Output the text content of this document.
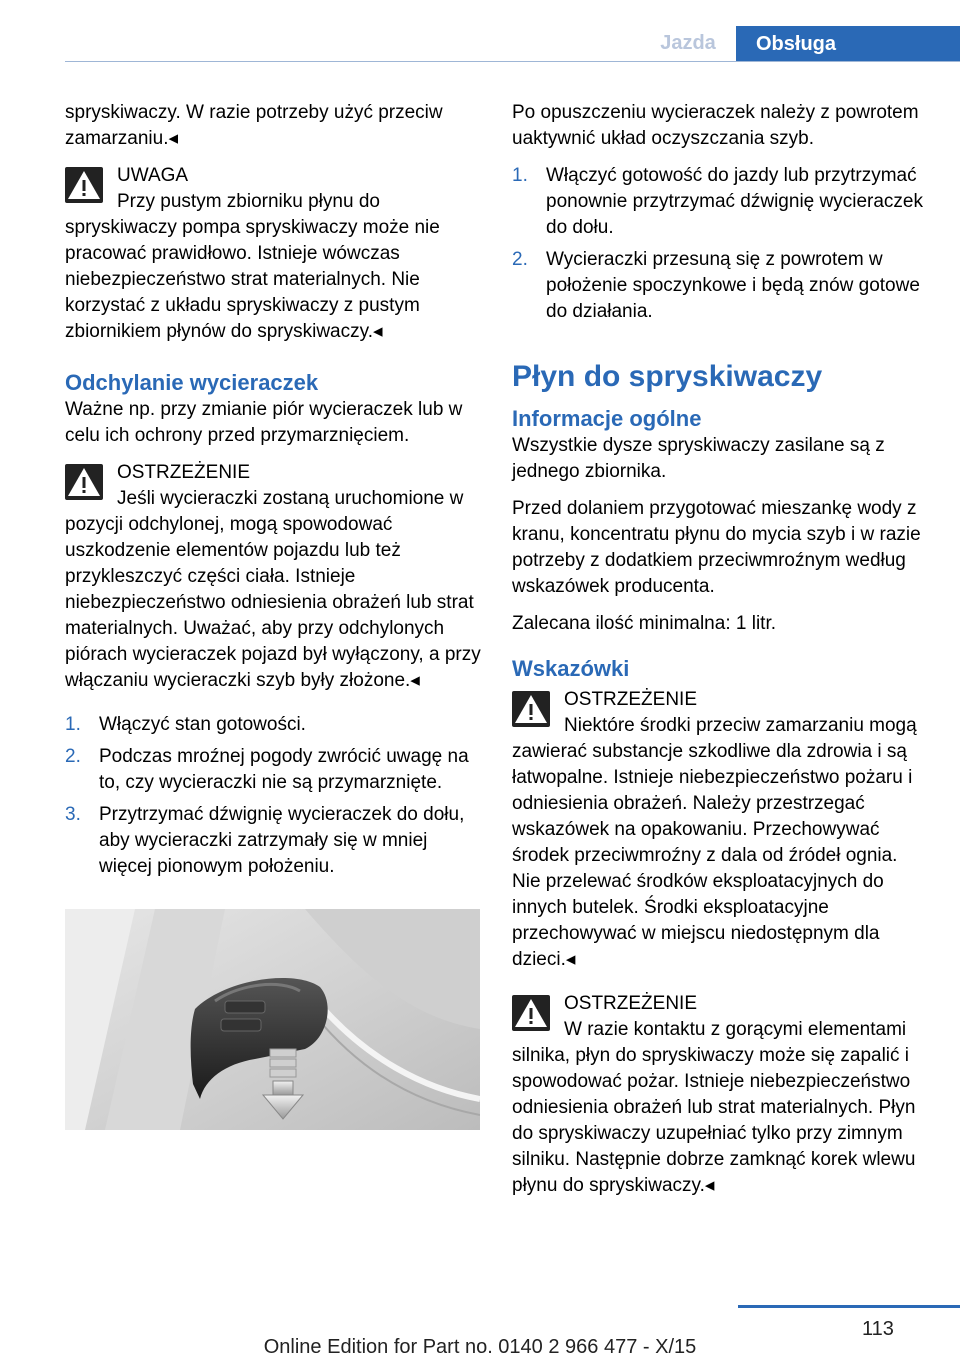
Jazda	Obsługa

spryskiwaczy. W razie potrzeby użyć przeciw zamarzaniu.◂

UWAGA

Przy pustym zbiorniku płynu do spryskiwaczy pompa spryskiwaczy może nie pracować prawidłowo. Istnieje wówczas niebezpieczeństwo strat materialnych. Nie korzystać z układu spryskiwaczy z pustym zbiornikiem płynów do spryskiwaczy.◂

Odchylanie wycieraczek

Ważne np. przy zmianie piór wycieraczek lub w celu ich ochrony przed przymarznięciem.

OSTRZEŻENIE

Jeśli wycieraczki zostaną uruchomione w pozycji odchylonej, mogą spowodować uszkodzenie elementów pojazdu lub też przykleszczyć części ciała. Istnieje niebezpieczeństwo odniesienia obrażeń lub strat materialnych. Uważać, aby przy odchylonych piórach wycieraczek pojazd był wyłączony, a przy włączaniu wycieraczki szyb były złożone.◂

1. Włączyć stan gotowości.
2. Podczas mroźnej pogody zwrócić uwagę na to, czy wycieraczki nie są przymarznięte.
3. Przytrzymać dźwignię wycieraczek do dołu, aby wycieraczki zatrzymały się w mniej więcej pionowym położeniu.

Po opuszczeniu wycieraczek należy z powrotem uaktywnić układ oczyszczania szyb.

1. Włączyć gotowość do jazdy lub przytrzymać ponownie przytrzymać dźwignię wycieraczek do dołu.
2. Wycieraczki przesuną się z powrotem w położenie spoczynkowe i będą znów gotowe do działania.
Płyn do spryskiwaczy
Informacje ogólne

Wszystkie dysze spryskiwaczy zasilane są z jednego zbiornika.

Przed dolaniem przygotować mieszankę wody z kranu, koncentratu płynu do mycia szyb i w razie potrzeby z dodatkiem przeciwmroźnym według wskazówek producenta.

Zalecana ilość minimalna: 1 litr.

Wskazówki

OSTRZEŻENIE

Niektóre środki przeciw zamarzaniu mogą zawierać substancje szkodliwe dla zdrowia i są łatwopalne. Istnieje niebezpieczeństwo pożaru i odniesienia obrażeń. Należy przestrzegać wskazówek na opakowaniu. Przechowywać środek przeciwmroźny z dala od źródeł ognia. Nie przelewać środków eksploatacyjnych do innych butelek. Środki eksploatacyjne przechowywać w miejscu niedostępnym dla dzieci.◂

OSTRZEŻENIE

W razie kontaktu z gorącymi elementami silnika, płyn do spryskiwaczy może się zapalić i spowodować pożar. Istnieje niebezpieczeństwo odniesienia obrażeń lub strat materialnych. Płyn do spryskiwaczy uzupełniać tylko przy zimnym silniku. Następnie dobrze zamknąć korek wlewu płynu do spryskiwaczy.◂

113
Online Edition for Part no. 0140 2 966 477 - X/15
